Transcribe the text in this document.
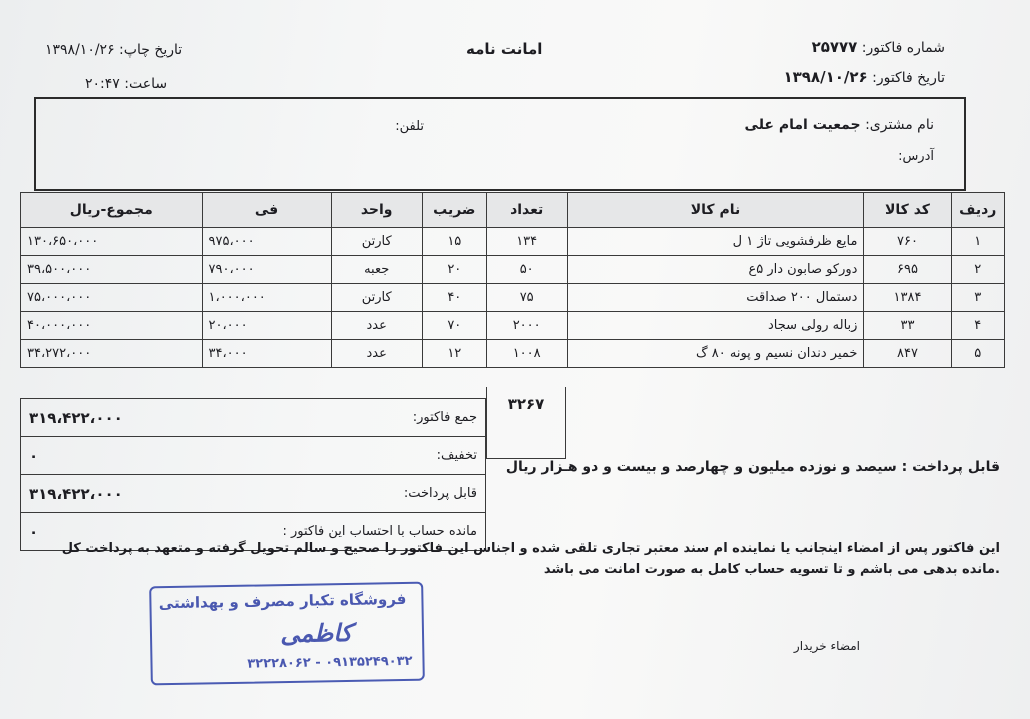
شماره فاکتور: ۲۵۷۷۷
تاریخ فاکتور: ۱۳۹۸/۱۰/۲۶
امانت نامه
تاریخ چاپ: ۱۳۹۸/۱۰/۲۶
ساعت: ۲۰:۴۷
نام مشتری: جمعیت امام علی
تلفن:
آدرس:
ردیف	کد کالا	نام کالا	تعداد	ضریب	واحد	فی	مجموع-ریال
۱	۷۶۰	مایع ظرفشویی تاژ ۱ ل	۱۳۴	۱۵	کارتن	۹۷۵،۰۰۰	۱۳۰،۶۵۰،۰۰۰
۲	۶۹۵	دورکو صابون دار ۵ع	۵۰	۲۰	جعبه	۷۹۰،۰۰۰	۳۹،۵۰۰،۰۰۰
۳	۱۳۸۴	دستمال ۲۰۰ صداقت	۷۵	۴۰	کارتن	۱،۰۰۰،۰۰۰	۷۵،۰۰۰،۰۰۰
۴	۳۳	زباله رولی سجاد	۲۰۰۰	۷۰	عدد	۲۰،۰۰۰	۴۰،۰۰۰،۰۰۰
۵	۸۴۷	خمیر دندان نسیم و پونه ۸۰ گ	۱۰۰۸	۱۲	عدد	۳۴،۰۰۰	۳۴،۲۷۲،۰۰۰
۳۲۶۷
جمع فاکتور:
۳۱۹،۴۲۲،۰۰۰

تخفیف:
۰

قابل پرداخت:
۳۱۹،۴۲۲،۰۰۰

مانده حساب با احتساب این فاکتور :
۰
قابل پرداخت : سیصد و نوزده میلیون و چهارصد و بیست و دو هـزار ریال
این فاکتور پس از امضاء اینجانب یا نماینده ام سند معتبر تجاری تلقی شده و اجناس این فاکتور را صحیح و سالم تحویل گرفته و متعهد به پرداخت کل
.مانده بدهی می باشم و تا تسویه حساب کامل به صورت امانت می باشد
فروشگاه تکبار مصرف و بهداشتی
کاظمی
۰۹۱۳۵۲۴۹۰۳۲ - ۳۲۲۲۸۰۶۲
امضاء خریدار
